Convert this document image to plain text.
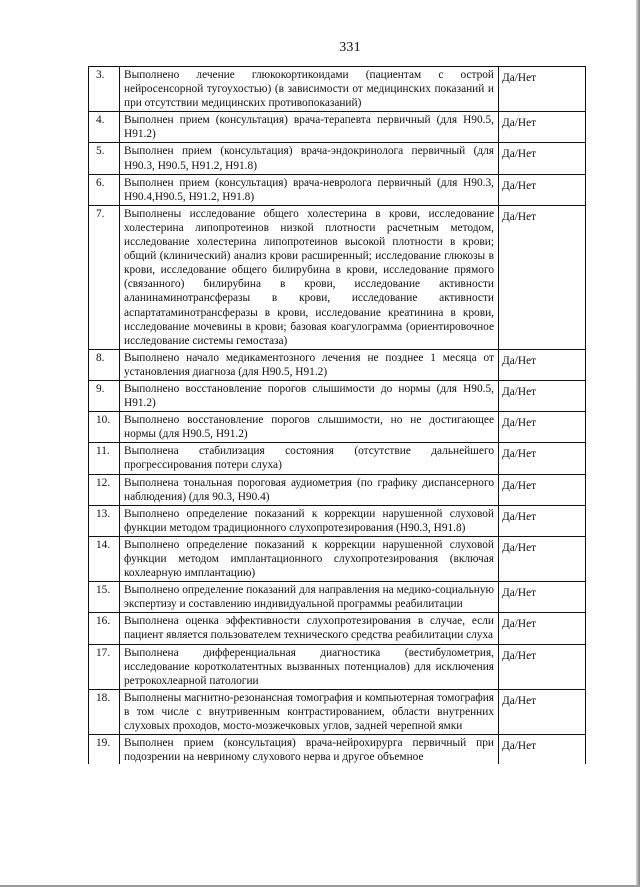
331
3.	Выполнено лечение глюкокортикоидами (пациентам с острой нейросенсорной тугоухостью) (в зависимости от медицинских показаний и при отсутствии медицинских противопоказаний)	Да/Нет
4.	Выполнен прием (консультация) врача-терапевта первичный (для H90.5, H91.2)	Да/Нет
5.	Выполнен прием (консультация) врача-эндокринолога первичный (для H90.3, H90.5, H91.2, H91.8)	Да/Нет
6.	Выполнен прием (консультация) врача-невролога первичный (для H90.3, H90.4,H90.5, H91.2, H91.8)	Да/Нет
7.	Выполнены исследование общего холестерина в крови, исследование холестерина липопротеинов низкой плотности расчетным методом, исследование холестерина липопротеинов высокой плотности в крови; общий (клинический) анализ крови расширенный; исследование глюкозы в крови, исследование общего билирубина в крови, исследование прямого (связанного) билирубина в крови, исследование активности аланинаминотрансферазы в крови, исследование активности аспартатаминотрансферазы в крови, исследование креатинина в крови, исследование мочевины в крови; базовая коагулограмма (ориентировочное исследование системы гемостаза)	Да/Нет
8.	Выполнено начало медикаментозного лечения не позднее 1 месяца от установления диагноза (для H90.5, H91.2)	Да/Нет
9.	Выполнено восстановление порогов слышимости до нормы (для H90.5, H91.2)	Да/Нет
10.	Выполнено восстановление порогов слышимости, но не достигающее нормы (для H90.5, H91.2)	Да/Нет
11.	Выполнена стабилизация состояния (отсутствие дальнейшего прогрессирования потери слуха)	Да/Нет
12.	Выполнена тональная пороговая аудиометрия (по графику диспансерного наблюдения) (для 90.3, H90.4)	Да/Нет
13.	Выполнено определение показаний к коррекции нарушенной слуховой функции методом традиционного слухопротезирования (H90.3, H91.8)	Да/Нет
14.	Выполнено определение показаний к коррекции нарушенной слуховой функции методом имплантационного слухопротезирования (включая кохлеарную имплантацию)	Да/Нет
15.	Выполнено определение показаний для направления на медико-социальную экспертизу и составлению индивидуальной программы реабилитации	Да/Нет
16.	Выполнена оценка эффективности слухопротезирования в случае, если пациент является пользователем технического средства реабилитации слуха	Да/Нет
17.	Выполнена дифференциальная диагностика (вестибулометрия, исследование коротколатентных вызванных потенциалов) для исключения ретрокохлеарной патологии	Да/Нет
18.	Выполнены магнитно-резонансная томография и компьютерная томография в том числе с внутривенным контрастированием, области внутренних слуховых проходов, мосто-мозжечковых углов, задней черепной ямки	Да/Нет
19.	Выполнен прием (консультация) врача-нейрохирурга первичный при подозрении на невриному слухового нерва и другое объемное	Да/Нет
